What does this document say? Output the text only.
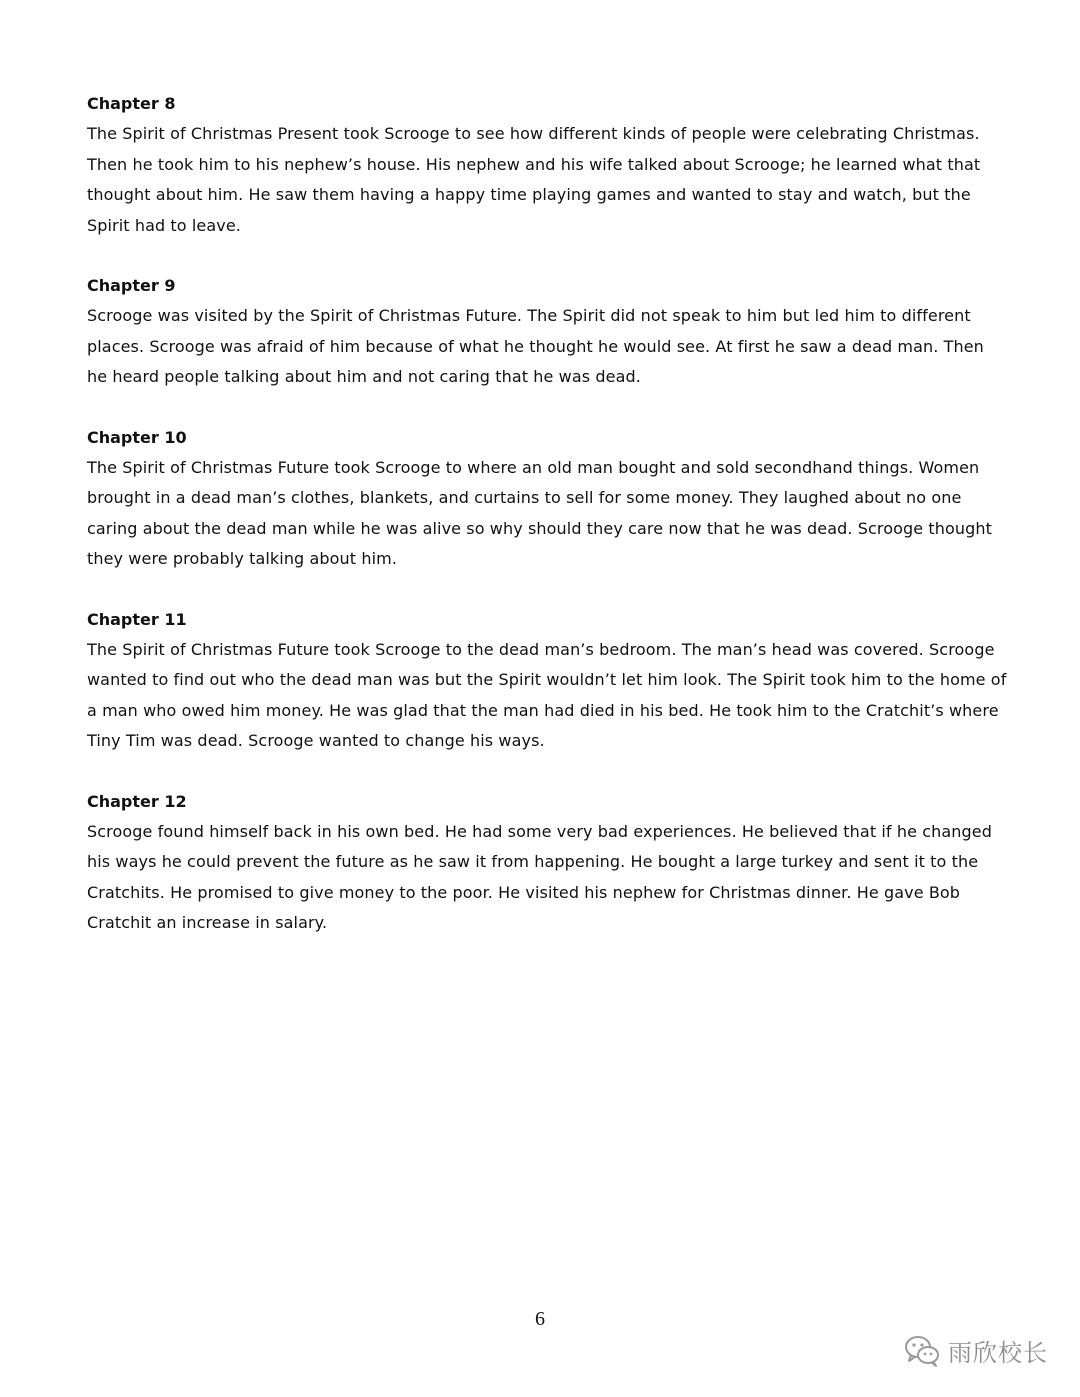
Chapter 8

The Spirit of Christmas Present took Scrooge to see how different kinds of people were celebrating Christmas. Then he took him to his nephew’s house. His nephew and his wife talked about Scrooge; he learned what that thought about him. He saw them having a happy time playing games and wanted to stay and watch, but the Spirit had to leave.

Chapter 9

Scrooge was visited by the Spirit of Christmas Future. The Spirit did not speak to him but led him to different places. Scrooge was afraid of him because of what he thought he would see. At first he saw a dead man. Then he heard people talking about him and not caring that he was dead.

Chapter 10

The Spirit of Christmas Future took Scrooge to where an old man bought and sold secondhand things. Women brought in a dead man’s clothes, blankets, and curtains to sell for some money. They laughed about no one caring about the dead man while he was alive so why should they care now that he was dead. Scrooge thought they were probably talking about him.

Chapter 11

The Spirit of Christmas Future took Scrooge to the dead man’s bedroom. The man’s head was covered. Scrooge wanted to find out who the dead man was but the Spirit wouldn’t let him look. The Spirit took him to the home of a man who owed him money. He was glad that the man had died in his bed. He took him to the Cratchit’s where Tiny Tim was dead. Scrooge wanted to change his ways.

Chapter 12

Scrooge found himself back in his own bed. He had some very bad experiences. He believed that if he changed his ways he could prevent the future as he saw it from happening. He bought a large turkey and sent it to the Cratchits. He promised to give money to the poor. He visited his nephew for Christmas dinner. He gave Bob Cratchit an increase in salary.

6
雨欣校长
